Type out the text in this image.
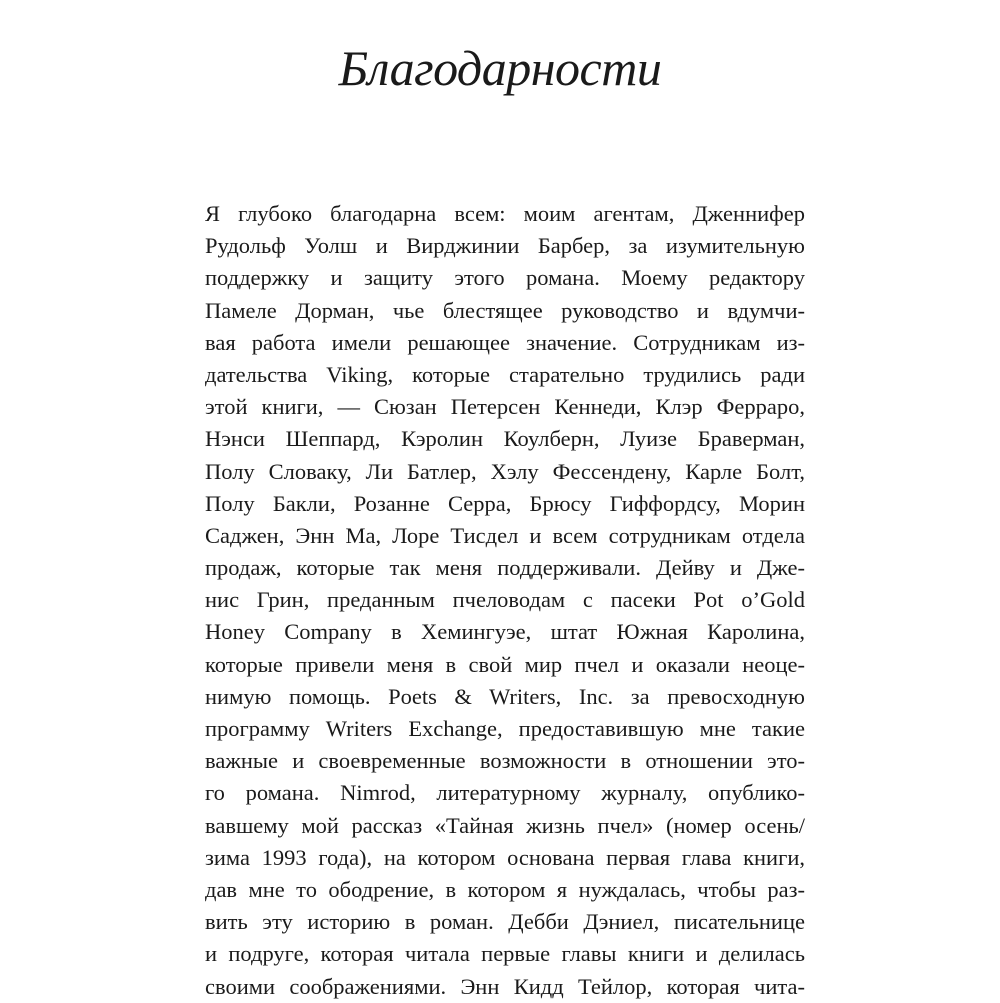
Благодарности
Я глубоко благодарна всем: моим агентам, Дженнифер
Рудольф Уолш и Вирджинии Барбер, за изумительную
поддержку и защиту этого романа. Моему редактору
Памеле Дорман, чье блестящее руководство и вдумчи-
вая работа имели решающее значение. Сотрудникам из-
дательства Viking, которые старательно трудились ради
этой книги, — Сюзан Петерсен Кеннеди, Клэр Ферраро,
Нэнси Шеппард, Кэролин Коулберн, Луизе Браверман,
Полу Словаку, Ли Батлер, Хэлу Фессендену, Карле Болт,
Полу Бакли, Розанне Серра, Брюсу Гиффордсу, Морин
Саджен, Энн Ма, Лоре Тисдел и всем сотрудникам отдела
продаж, которые так меня поддерживали. Дейву и Дже-
нис Грин, преданным пчеловодам с пасеки Pot o’Gold
Honey Company в Хемингуэе, штат Южная Каролина,
которые привели меня в свой мир пчел и оказали неоце-
нимую помощь. Poets & Writers, Inc. за превосходную
программу Writers Exchange, предоставившую мне такие
важные и своевременные возможности в отношении это-
го романа. Nimrod, литературному журналу, опублико-
вавшему мой рассказ «Тайная жизнь пчел» (номер осень/
зима 1993 года), на котором основана первая глава книги,
дав мне то ободрение, в котором я нуждалась, чтобы раз-
вить эту историю в роман. Дебби Дэниел, писательнице
и подруге, которая читала первые главы книги и делилась
своими соображениями. Энн Кидд Тейлор, которая чита-
